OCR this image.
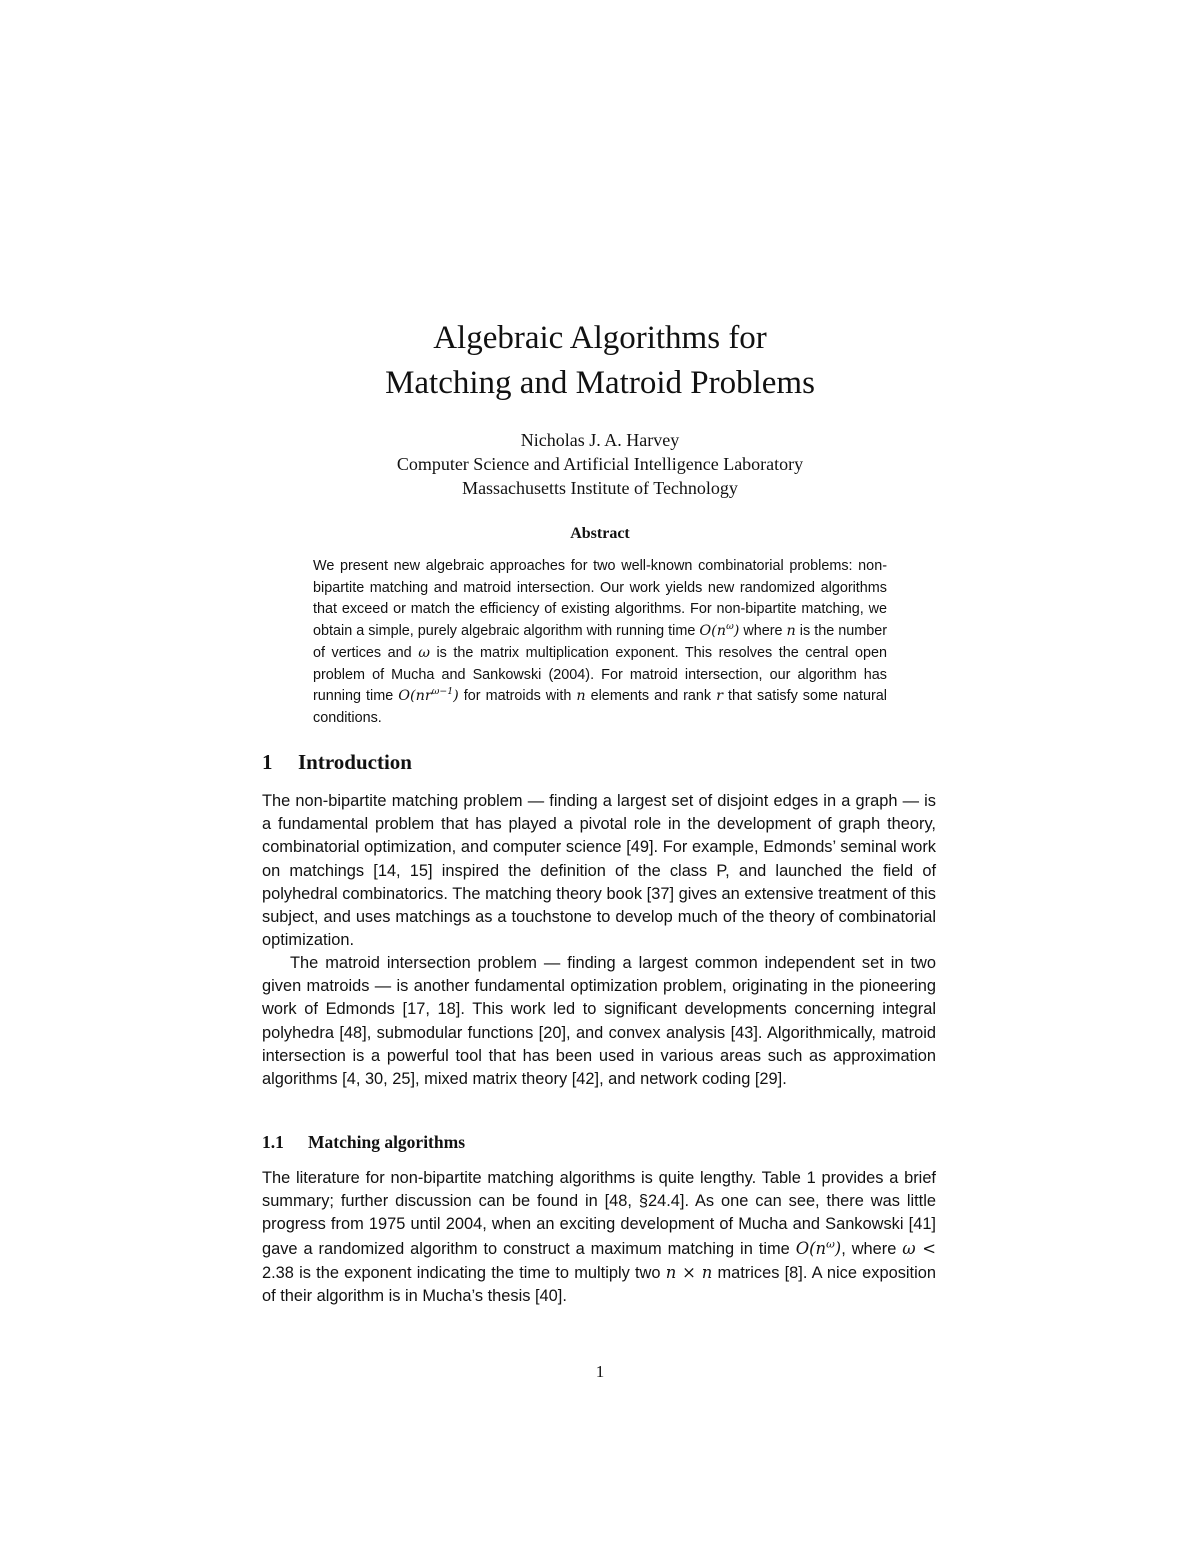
Algebraic Algorithms for
Matching and Matroid Problems
Nicholas J. A. Harvey
Computer Science and Artificial Intelligence Laboratory
Massachusetts Institute of Technology
Abstract

We present new algebraic approaches for two well-known combinatorial problems: non-bipartite matching and matroid intersection. Our work yields new randomized algorithms that exceed or match the efficiency of existing algorithms. For non-bipartite matching, we obtain a simple, purely algebraic algorithm with running time $O(n^\omega)$ where n is the number of vertices and ω is the matrix multiplication exponent. This resolves the central open problem of Mucha and Sankowski (2004). For matroid intersection, our algorithm has running time $O(nr^{\omega-1})$ for matroids with n elements and rank r that satisfy some natural conditions.

1 Introduction

The non-bipartite matching problem — finding a largest set of disjoint edges in a graph — is a fundamental problem that has played a pivotal role in the development of graph theory, combinatorial optimization, and computer science [49]. For example, Edmonds’ seminal work on matchings [14, 15] inspired the definition of the class P, and launched the field of polyhedral combinatorics. The matching theory book [37] gives an extensive treatment of this subject, and uses matchings as a touchstone to develop much of the theory of combinatorial optimization.

The matroid intersection problem — finding a largest common independent set in two given matroids — is another fundamental optimization problem, originating in the pioneering work of Edmonds [17, 18]. This work led to significant developments concerning integral polyhedra [48], submodular functions [20], and convex analysis [43]. Algorithmically, matroid intersection is a powerful tool that has been used in various areas such as approximation algorithms [4, 30, 25], mixed matrix theory [42], and network coding [29].

1.1 Matching algorithms

The literature for non-bipartite matching algorithms is quite lengthy. Table 1 provides a brief summary; further discussion can be found in [48, §24.4]. As one can see, there was little progress from 1975 until 2004, when an exciting development of Mucha and Sankowski [41] gave a randomized algorithm to construct a maximum matching in time $O(n^\omega)$, where ω < 2.38 is the exponent indicating the time to multiply two n × n matrices [8]. A nice exposition of their algorithm is in Mucha’s thesis [40].

1
